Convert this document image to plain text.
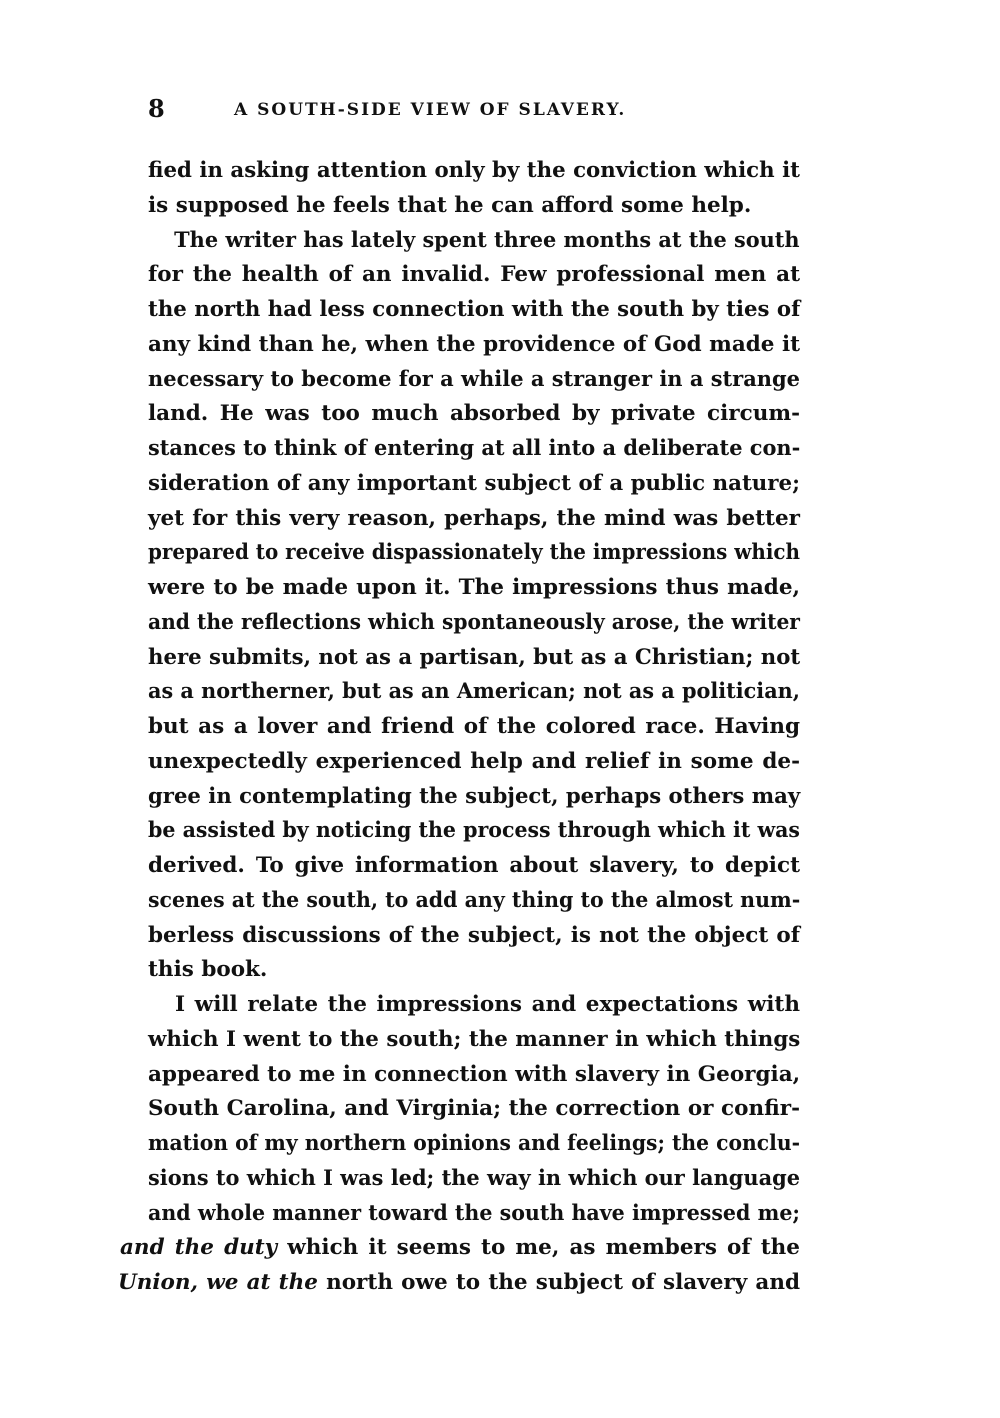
8	A SOUTH-SIDE VIEW OF SLAVERY.
fied in asking attention only by the conviction which it
is supposed he feels that he can afford some help.
The writer has lately spent three months at the south
for the health of an invalid. Few professional men at
the north had less connection with the south by ties of
any kind than he, when the providence of God made it
necessary to become for a while a stranger in a strange
land. He was too much absorbed by private circum-
stances to think of entering at all into a deliberate con-
sideration of any important subject of a public nature;
yet for this very reason, perhaps, the mind was better
prepared to receive dispassionately the impressions which
were to be made upon it. The impressions thus made,
and the reflections which spontaneously arose, the writer
here submits, not as a partisan, but as a Christian; not
as a northerner, but as an American; not as a politician,
but as a lover and friend of the colored race. Having
unexpectedly experienced help and relief in some de-
gree in contemplating the subject, perhaps others may
be assisted by noticing the process through which it was
derived. To give information about slavery, to depict
scenes at the south, to add any thing to the almost num-
berless discussions of the subject, is not the object of
this book.
I will relate the impressions and expectations with
which I went to the south; the manner in which things
appeared to me in connection with slavery in Georgia,
South Carolina, and Virginia; the correction or confir-
mation of my northern opinions and feelings; the conclu-
sions to which I was led; the way in which our language
and whole manner toward the south have impressed me;
and the duty which it seems to me, as members of the
Union, we at the north owe to the subject of slavery and
